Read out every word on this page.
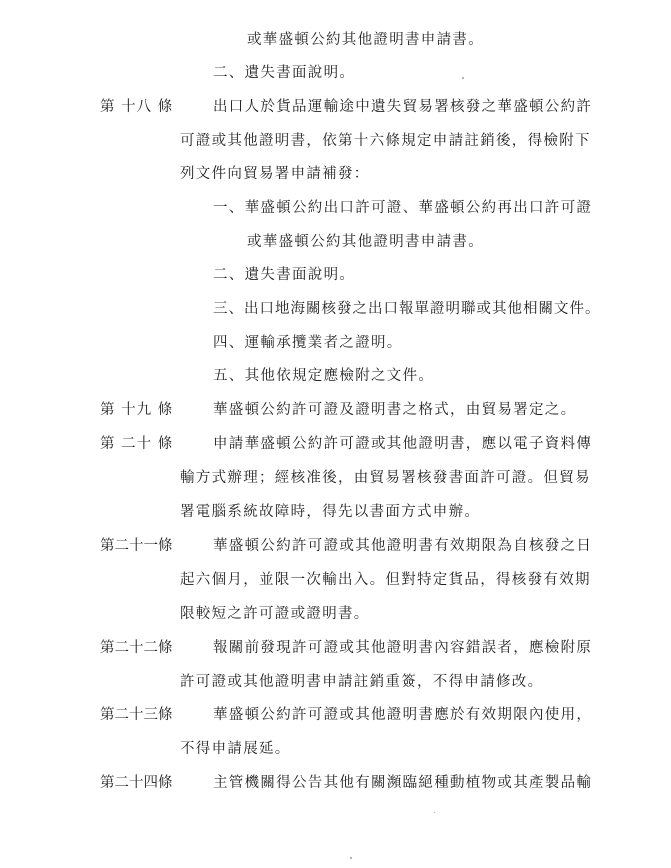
第 十八 條
第 十九 條
第 二十 條
第二十一條
第二十二條
第二十三條
第二十四條
或華盛頓公約其他證明書申請書。
二、遺失書面說明。
出口人於貨品運輸途中遺失貿易署核發之華盛頓公約許
可證或其他證明書，依第十六條規定申請註銷後，得檢附下
列文件向貿易署申請補發：
一、華盛頓公約出口許可證、華盛頓公約再出口許可證
或華盛頓公約其他證明書申請書。
二、遺失書面說明。
三、出口地海關核發之出口報單證明聯或其他相關文件。
四、運輸承攬業者之證明。
五、其他依規定應檢附之文件。
華盛頓公約許可證及證明書之格式，由貿易署定之。
申請華盛頓公約許可證或其他證明書，應以電子資料傳
輸方式辦理；經核准後，由貿易署核發書面許可證。但貿易
署電腦系統故障時，得先以書面方式申辦。
華盛頓公約許可證或其他證明書有效期限為自核發之日
起六個月，並限一次輸出入。但對特定貨品，得核發有效期
限較短之許可證或證明書。
報關前發現許可證或其他證明書內容錯誤者，應檢附原
許可證或其他證明書申請註銷重簽，不得申請修改。
華盛頓公約許可證或其他證明書應於有效期限內使用，
不得申請展延。
主管機關得公告其他有關瀕臨絕種動植物或其產製品輸
